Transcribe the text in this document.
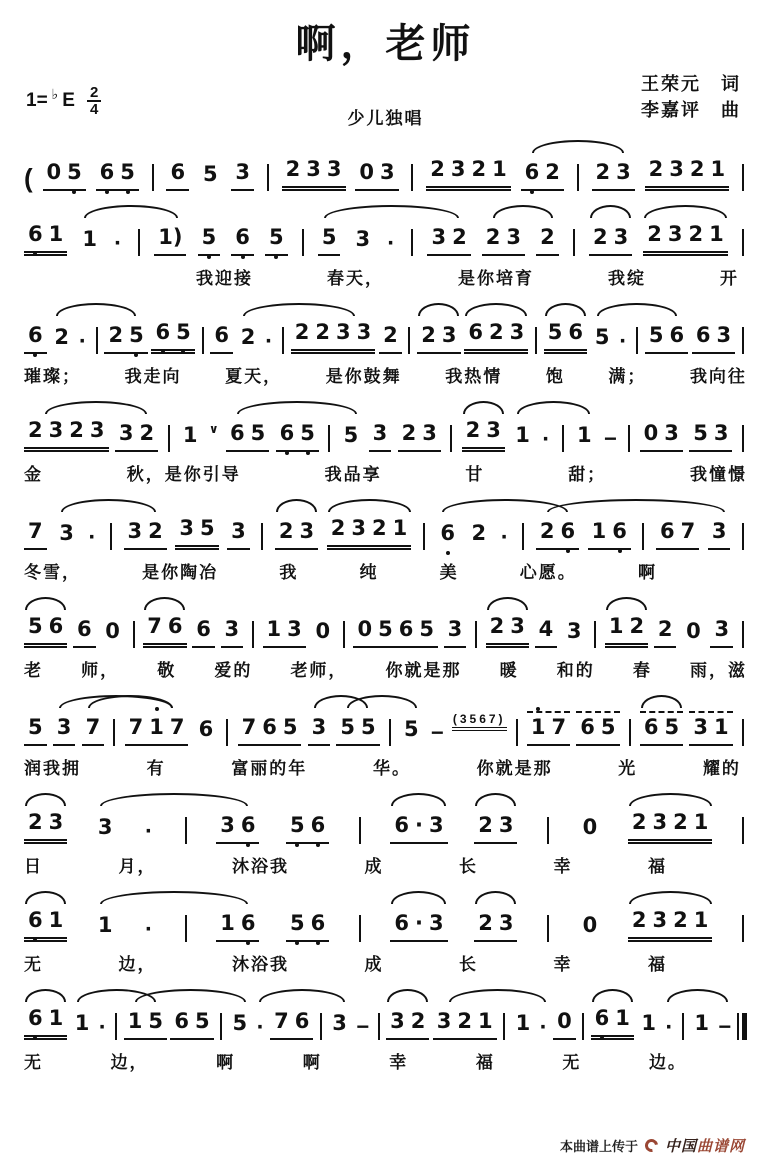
啊，老师
1= ♭ E $\frac{2}{4}$
少儿独唱
王荣元　词
李嘉评　曲
( 0 5 6 5 6 5 3 2 3 3 0 3 2 3 2 1 6 2 2 3 2 3 2 1
6 1 1 · 1) 5 6 5 5 3 · 3 2 2 3 2 2 3 2 3 2 1
我迎接	春天，	是你培育	我绽	开
6 2 · 2 5 6 5 6 2 · 2 2 3 3 2 2 3 6 2 3 5 6 5 · 5 6 6 3
璀璨；	我走向	夏天，	是你鼓舞	我热情	饱	满；	我向往
2 3 2 3 3 2 1 ∨ 6 5 6 5 5 3 2 3 2 3 1 · 1 − 0 3 5 3
金	秋，是你引导	我品享	甘	甜；	我憧憬
7 3 · 3 2 3 5 3 2 3 2 3 2 1 6 2 · 2 6 1 6 6 7 3
冬雪，	是你陶冶	我	纯	美	心愿。	啊
5 6 6 0 7 6 6 3 1 3 0 0 5 6 5 3 2 3 4 3 1 2 2 0 3
老 师， 敬 爱的 老师， 你就是那 暖 和的 春 雨，滋
5 3 7 7 1 7 6 7 6 5 3 5 5 5 −
(3567) 1 7 6 5 6 5 3 1
润我拥	有	富丽的年	华。	你就是那	光	耀的
2 3 3 ·	3 6 5 6	6 · 3 2 3	0 2 3 2 1
日	月，	沐浴我	成	长	幸	福
6 1 1 ·	1 6 5 6	6 · 3 2 3	0 2 3 2 1
无	边，	沐浴我	成	长	幸	福
6 1 1 · 1 5 6 5 5 · 7 6 3 − 3 2 3 2 1 1 · 0 6 1 1 · 1 −
无	边，	啊	啊	幸	福	无	边。
本曲谱上传于 中国曲谱网
